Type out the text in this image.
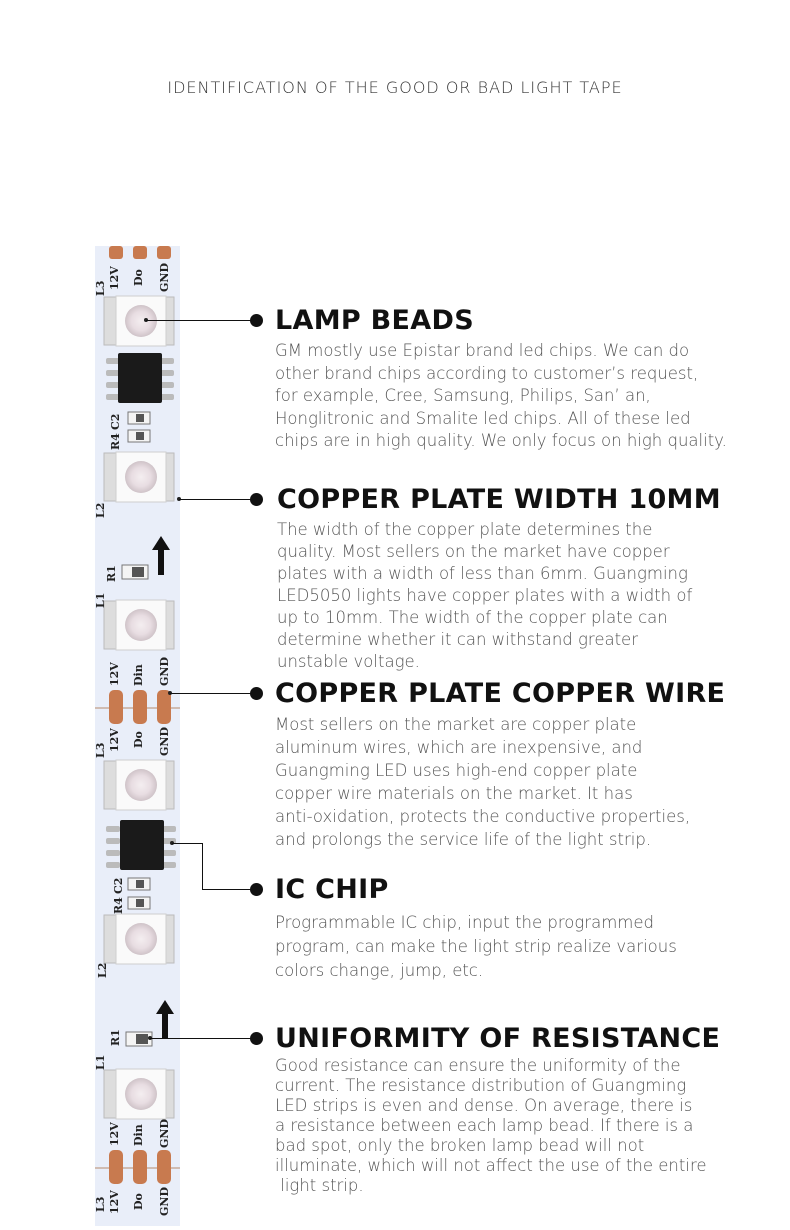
IDENTIFICATION OF THE GOOD OR BAD LIGHT TAPE
12V Do GND
L3
C2
R4
L2
R1
L1
12V Din GND
L3 12V Do GND
C2
R4
L2
R1
L1
12V Din GND
L3 12V Do GND
LAMP BEADS
GM mostly use Epistar brand led chips. We can do
other brand chips according to customer’s request,
for example, Cree, Samsung, Philips, San’ an,
Honglitronic and Smalite led chips. All of these led
chips are in high quality. We only focus on high quality.
COPPER PLATE WIDTH 10MM
The width of the copper plate determines the
quality. Most sellers on the market have copper
plates with a width of less than 6mm. Guangming
LED5050 lights have copper plates with a width of
up to 10mm. The width of the copper plate can
determine whether it can withstand greater
unstable voltage.
COPPER PLATE COPPER WIRE
Most sellers on the market are copper plate
aluminum wires, which are inexpensive, and
Guangming LED uses high-end copper plate
copper wire materials on the market. It has
anti-oxidation, protects the conductive properties,
and prolongs the service life of the light strip.
IC CHIP
Programmable IC chip, input the programmed
program, can make the light strip realize various
colors change, jump, etc.
UNIFORMITY OF RESISTANCE
Good resistance can ensure the uniformity of the
current. The resistance distribution of Guangming
LED strips is even and dense. On average, there is
a resistance between each lamp bead. If there is a
bad spot, only the broken lamp bead will not
illuminate, which will not affect the use of the entire
light strip.
